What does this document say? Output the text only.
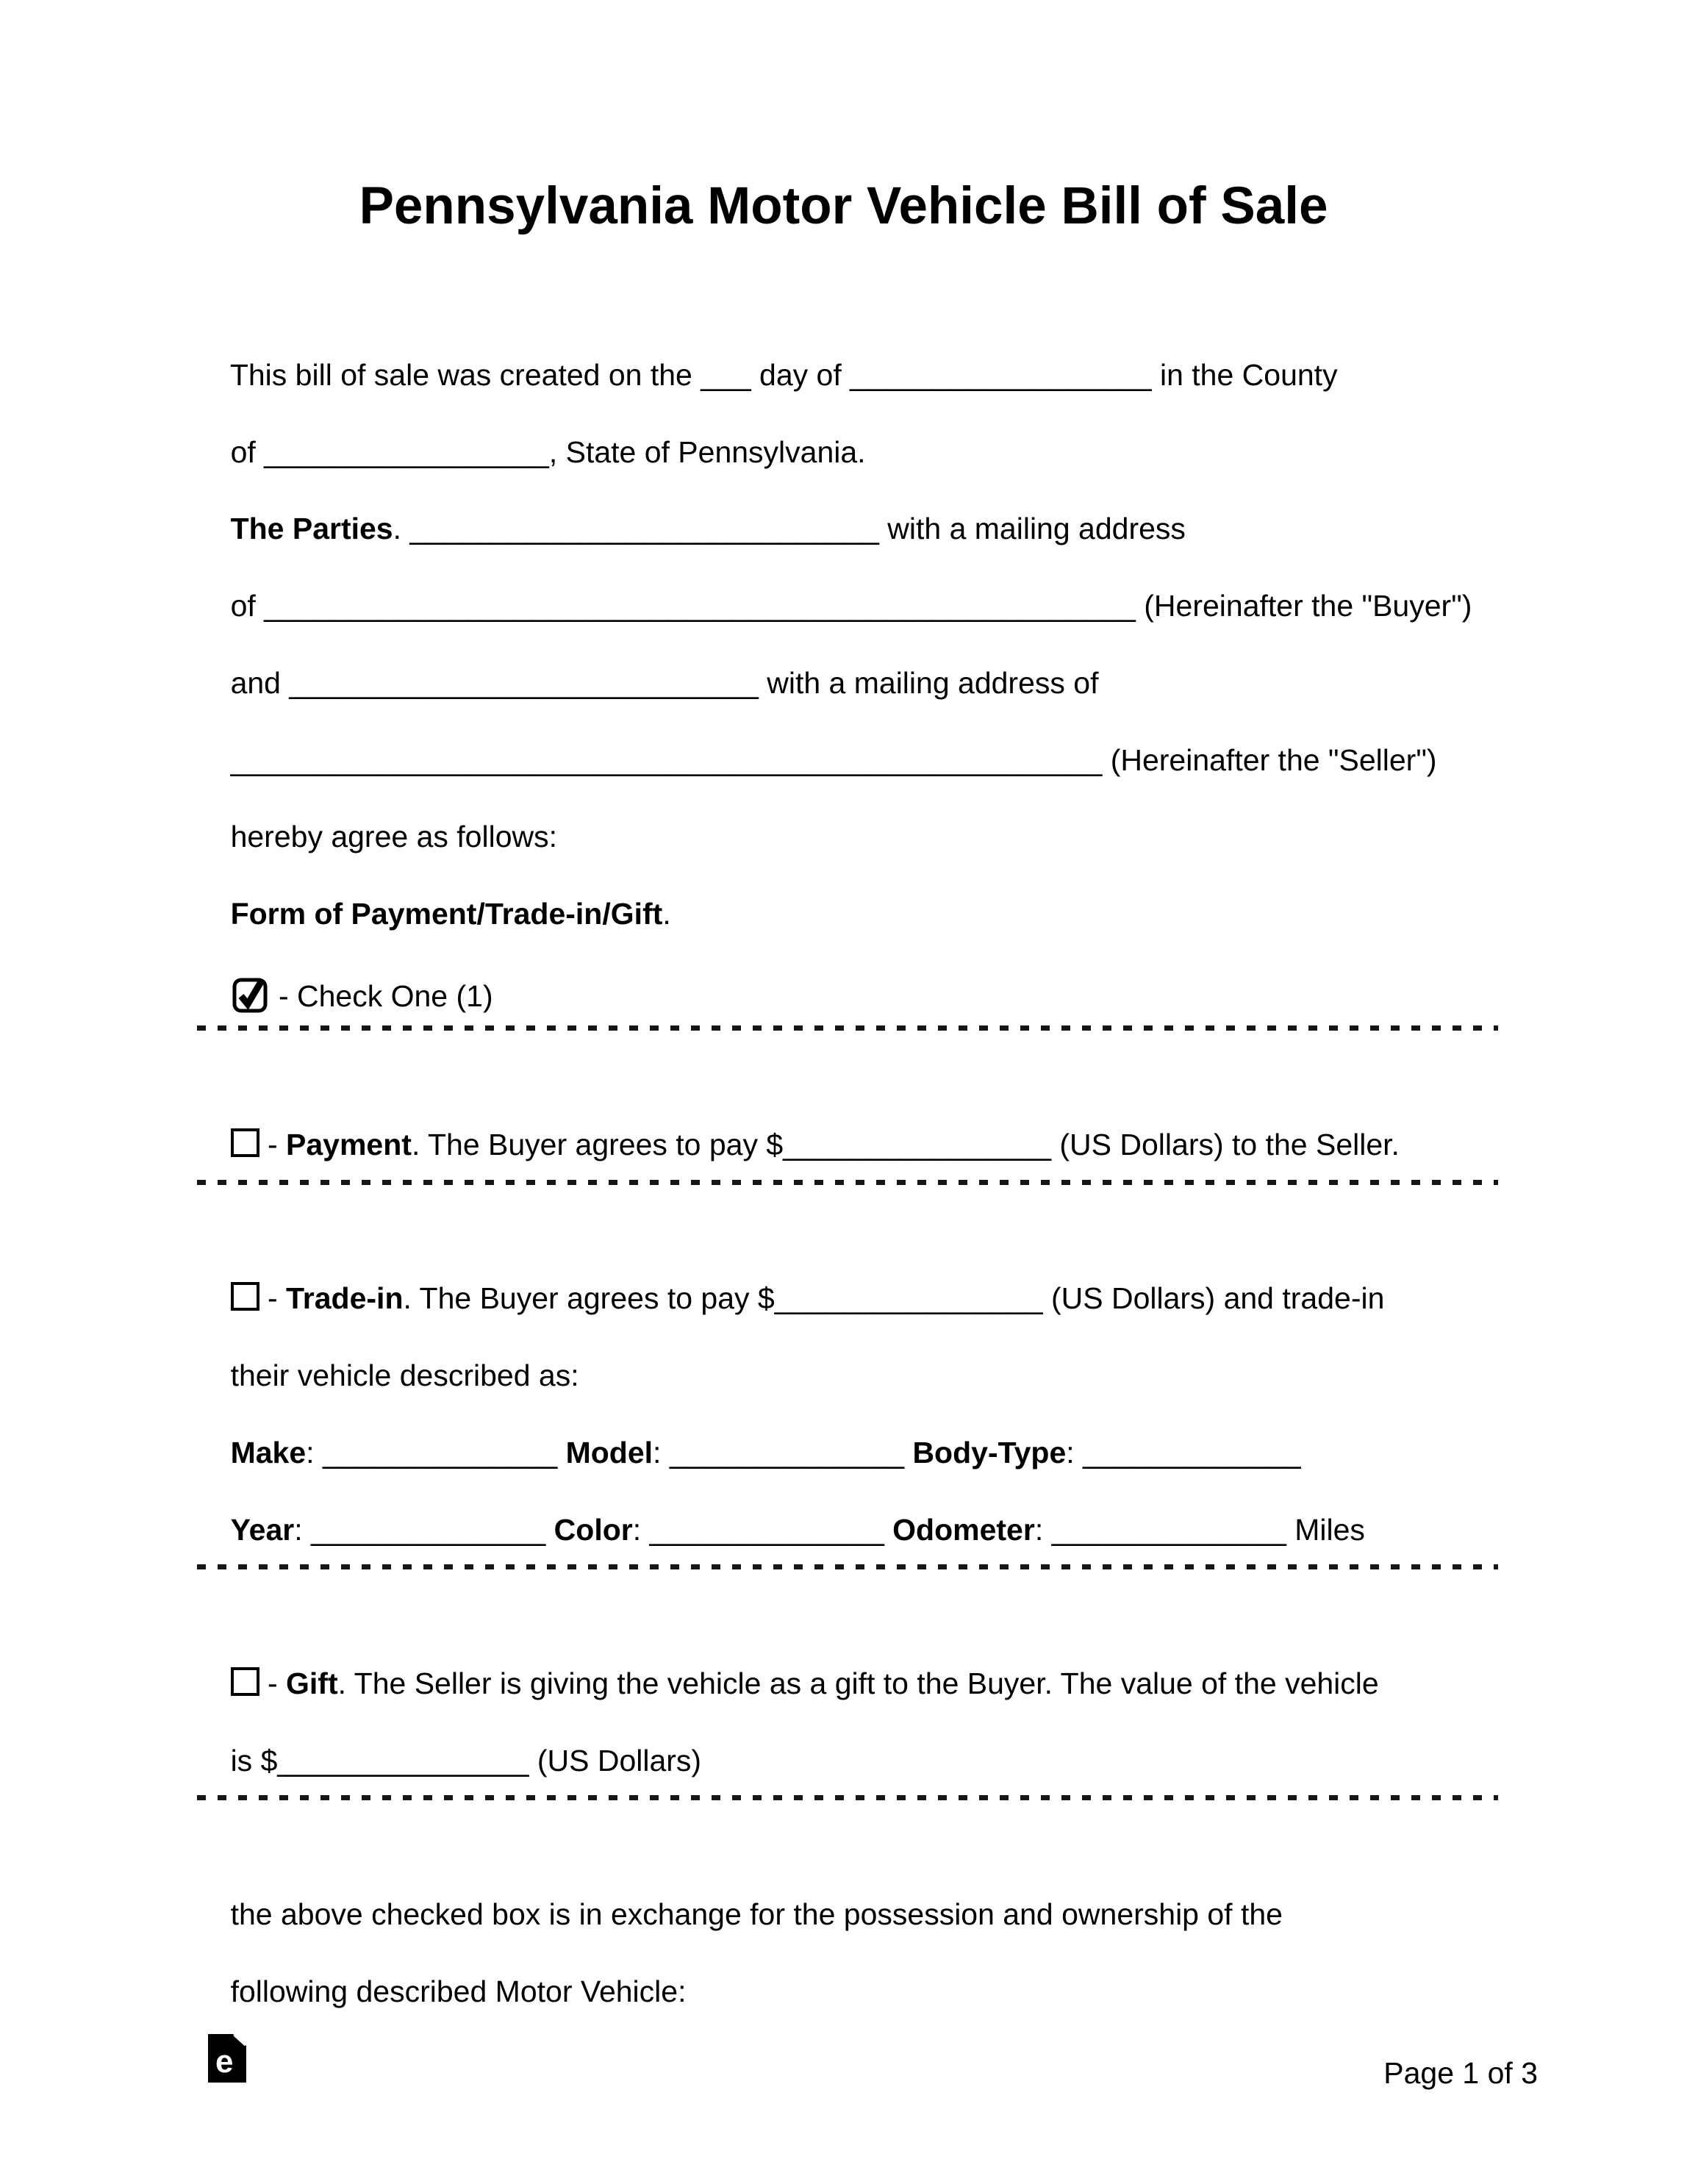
Pennsylvania Motor Vehicle Bill of Sale

This bill of sale was created on the ___ day of __________________ in the County

of _________________, State of Pennsylvania.

The Parties. ____________________________ with a mailing address

of ____________________________________________________ (Hereinafter the "Buyer")

and ____________________________ with a mailing address of

____________________________________________________ (Hereinafter the "Seller")

hereby agree as follows:

Form of Payment/Trade-in/Gift.

- Check One (1)

- Payment. The Buyer agrees to pay $________________ (US Dollars) to the Seller.

- Trade-in. The Buyer agrees to pay $________________ (US Dollars) and trade-in

their vehicle described as:

Make: ______________ Model: ______________ Body-Type: _____________

Year: ______________ Color: ______________ Odometer: ______________ Miles

- Gift. The Seller is giving the vehicle as a gift to the Buyer. The value of the vehicle

is $_______________ (US Dollars)

the above checked box is in exchange for the possession and ownership of the

following described Motor Vehicle:

e	Page 1 of 3
